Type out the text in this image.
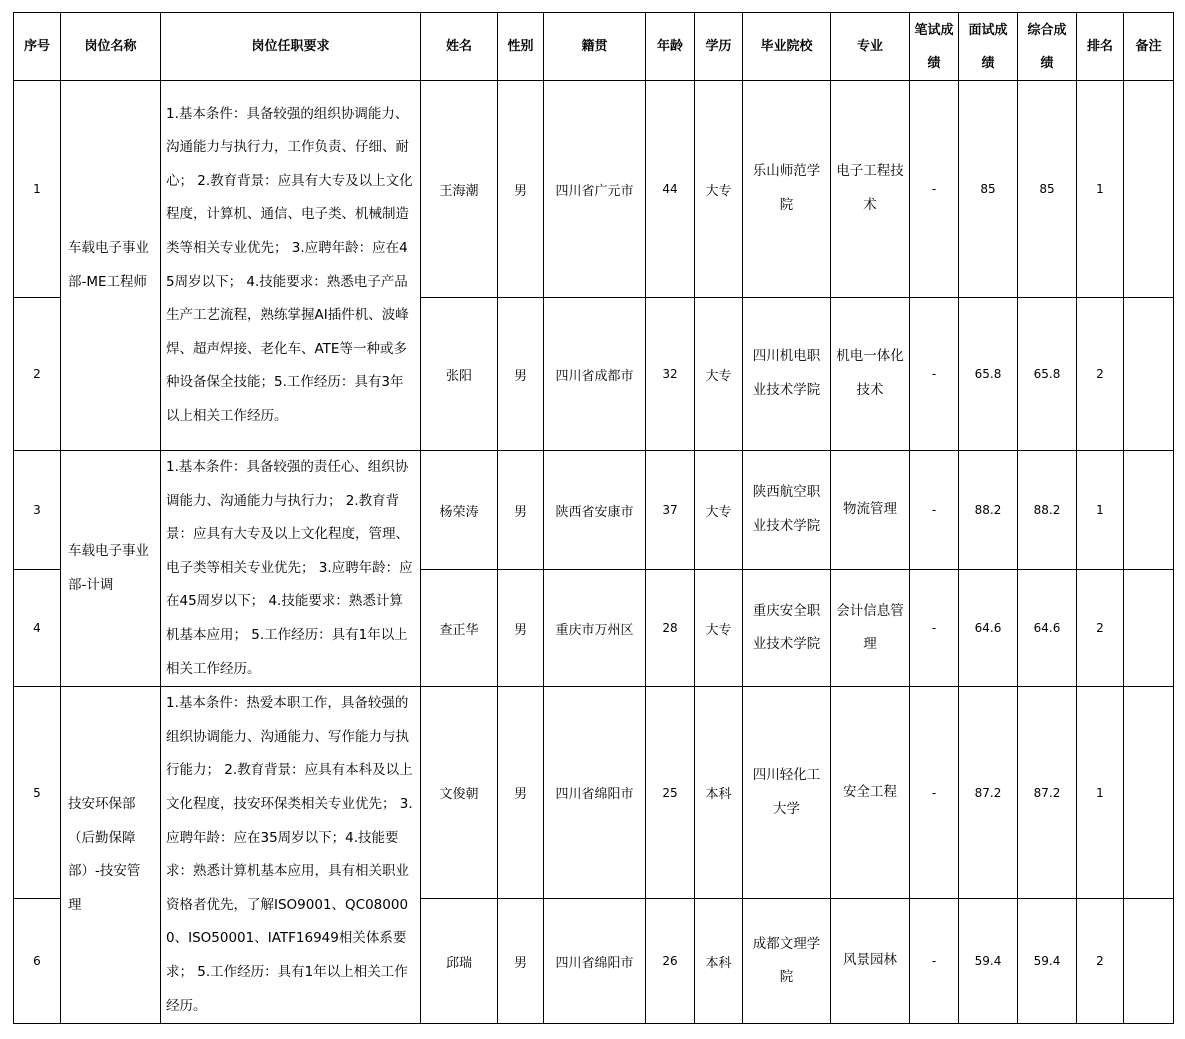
序号	岗位名称	岗位任职要求	姓名	性别	籍贯	年龄	学历	毕业院校	专业	笔试成绩	面试成绩	综合成绩	排名	备注
1	车载电子事业部-ME工程师	1.基本条件：具备较强的组织协调能力、沟通能力与执行力，工作负责、仔细、耐心； 2.教育背景：应具有大专及以上文化程度，计算机、通信、电子类、机械制造类等相关专业优先； 3.应聘年龄：应在45周岁以下； 4.技能要求：熟悉电子产品生产工艺流程，熟练掌握AI插件机、波峰焊、超声焊接、老化车、ATE等一种或多种设备保全技能；5.工作经历：具有3年以上相关工作经历。	王海潮	男	四川省广元市	44	大专	乐山师范学院	电子工程技术	-	85	85	1	
2			张阳	男	四川省成都市	32	大专	四川机电职业技术学院	机电一体化技术	-	65.8	65.8	2	
3	车载电子事业部-计调	1.基本条件：具备较强的责任心、组织协调能力、沟通能力与执行力； 2.教育背景：应具有大专及以上文化程度，管理、电子类等相关专业优先； 3.应聘年龄：应在45周岁以下； 4.技能要求：熟悉计算机基本应用； 5.工作经历：具有1年以上相关工作经历。	杨荣涛	男	陕西省安康市	37	大专	陕西航空职业技术学院	物流管理	-	88.2	88.2	1	
4			查正华	男	重庆市万州区	28	大专	重庆安全职业技术学院	会计信息管理	-	64.6	64.6	2	
5	技安环保部（后勤保障部）-技安管理	1.基本条件：热爱本职工作，具备较强的组织协调能力、沟通能力、写作能力与执行能力； 2.教育背景：应具有本科及以上文化程度，技安环保类相关专业优先； 3.应聘年龄：应在35周岁以下；4.技能要求：熟悉计算机基本应用，具有相关职业资格者优先，了解ISO9001、QC080000、ISO50001、IATF16949相关体系要求； 5.工作经历：具有1年以上相关工作经历。	文俊朝	男	四川省绵阳市	25	本科	四川轻化工大学	安全工程	-	87.2	87.2	1	
6			邱瑞	男	四川省绵阳市	26	本科	成都文理学院	风景园林	-	59.4	59.4	2	
